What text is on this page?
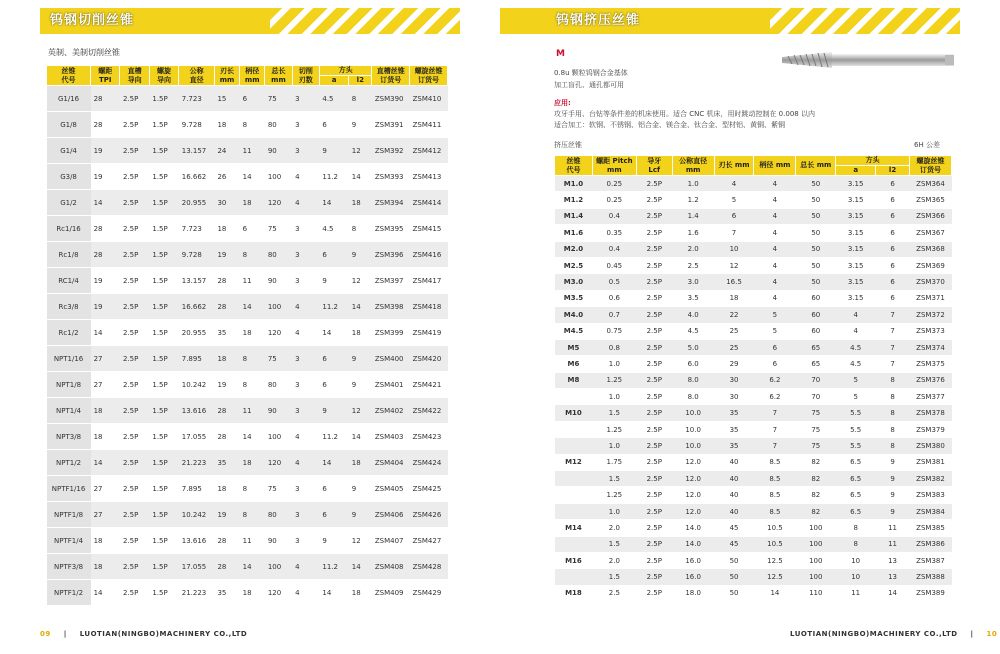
钨钢切削丝锥
英制、美制切削丝锥
丝锥
代号	螺距
TPI	直槽
导向	螺旋
导向	公称
直径	刃长
mm	柄径
mm	总长
mm	切削
刃数	方头		直槽丝锥
订货号	螺旋丝锥
订货号
									a	l2		
G1/16	28	2.5P	1.5P	7.723	15	6	75	3	4.5	8	ZSM390	ZSM410
G1/8	28	2.5P	1.5P	9.728	18	8	80	3	6	9	ZSM391	ZSM411
G1/4	19	2.5P	1.5P	13.157	24	11	90	3	9	12	ZSM392	ZSM412
G3/8	19	2.5P	1.5P	16.662	26	14	100	4	11.2	14	ZSM393	ZSM413
G1/2	14	2.5P	1.5P	20.955	30	18	120	4	14	18	ZSM394	ZSM414
Rc1/16	28	2.5P	1.5P	7.723	18	6	75	3	4.5	8	ZSM395	ZSM415
Rc1/8	28	2.5P	1.5P	9.728	19	8	80	3	6	9	ZSM396	ZSM416
RC1/4	19	2.5P	1.5P	13.157	28	11	90	3	9	12	ZSM397	ZSM417
Rc3/8	19	2.5P	1.5P	16.662	28	14	100	4	11.2	14	ZSM398	ZSM418
Rc1/2	14	2.5P	1.5P	20.955	35	18	120	4	14	18	ZSM399	ZSM419
NPT1/16	27	2.5P	1.5P	7.895	18	8	75	3	6	9	ZSM400	ZSM420
NPT1/8	27	2.5P	1.5P	10.242	19	8	80	3	6	9	ZSM401	ZSM421
NPT1/4	18	2.5P	1.5P	13.616	28	11	90	3	9	12	ZSM402	ZSM422
NPT3/8	18	2.5P	1.5P	17.055	28	14	100	4	11.2	14	ZSM403	ZSM423
NPT1/2	14	2.5P	1.5P	21.223	35	18	120	4	14	18	ZSM404	ZSM424
NPTF1/16	27	2.5P	1.5P	7.895	18	8	75	3	6	9	ZSM405	ZSM425
NPTF1/8	27	2.5P	1.5P	10.242	19	8	80	3	6	9	ZSM406	ZSM426
NPTF1/4	18	2.5P	1.5P	13.616	28	11	90	3	9	12	ZSM407	ZSM427
NPTF3/8	18	2.5P	1.5P	17.055	28	14	100	4	11.2	14	ZSM408	ZSM428
NPTF1/2	14	2.5P	1.5P	21.223	35	18	120	4	14	18	ZSM409	ZSM429
09 | LUOTIAN(NINGBO)MACHINERY CO.,LTD
钨钢挤压丝锥
M
0.8u 颗粒钨钢合金基体
加工盲孔、通孔都可用
应用:
攻牙手用、台钻等条件差的机床使用。适合 CNC 机床，用时跳动控制在 0.008 以内
适合加工：软钢、不锈钢、铝合金、镁合金、钛合金、型材铝、黄铜、紫铜
挤压丝锥	6H 公差
丝锥
代号	螺距 Pitch
mm	导牙
Lcf	公称直径
mm	刃长 mm	柄径 mm	总长 mm	方头		螺旋丝锥
订货号
							a	l2	
M1.0	0.25	2.5P	1.0	4	4	50	3.15	6	ZSM364
M1.2	0.25	2.5P	1.2	5	4	50	3.15	6	ZSM365
M1.4	0.4	2.5P	1.4	6	4	50	3.15	6	ZSM366
M1.6	0.35	2.5P	1.6	7	4	50	3.15	6	ZSM367
M2.0	0.4	2.5P	2.0	10	4	50	3.15	6	ZSM368
M2.5	0.45	2.5P	2.5	12	4	50	3.15	6	ZSM369
M3.0	0.5	2.5P	3.0	16.5	4	50	3.15	6	ZSM370
M3.5	0.6	2.5P	3.5	18	4	60	3.15	6	ZSM371
M4.0	0.7	2.5P	4.0	22	5	60	4	7	ZSM372
M4.5	0.75	2.5P	4.5	25	5	60	4	7	ZSM373
M5	0.8	2.5P	5.0	25	6	65	4.5	7	ZSM374
M6	1.0	2.5P	6.0	29	6	65	4.5	7	ZSM375
M8	1.25	2.5P	8.0	30	6.2	70	5	8	ZSM376
	1.0	2.5P	8.0	30	6.2	70	5	8	ZSM377
M10	1.5	2.5P	10.0	35	7	75	5.5	8	ZSM378
	1.25	2.5P	10.0	35	7	75	5.5	8	ZSM379
	1.0	2.5P	10.0	35	7	75	5.5	8	ZSM380
M12	1.75	2.5P	12.0	40	8.5	82	6.5	9	ZSM381
	1.5	2.5P	12.0	40	8.5	82	6.5	9	ZSM382
	1.25	2.5P	12.0	40	8.5	82	6.5	9	ZSM383
	1.0	2.5P	12.0	40	8.5	82	6.5	9	ZSM384
M14	2.0	2.5P	14.0	45	10.5	100	8	11	ZSM385
	1.5	2.5P	14.0	45	10.5	100	8	11	ZSM386
M16	2.0	2.5P	16.0	50	12.5	100	10	13	ZSM387
	1.5	2.5P	16.0	50	12.5	100	10	13	ZSM388
M18	2.5	2.5P	18.0	50	14	110	11	14	ZSM389
LUOTIAN(NINGBO)MACHINERY CO.,LTD | 10
